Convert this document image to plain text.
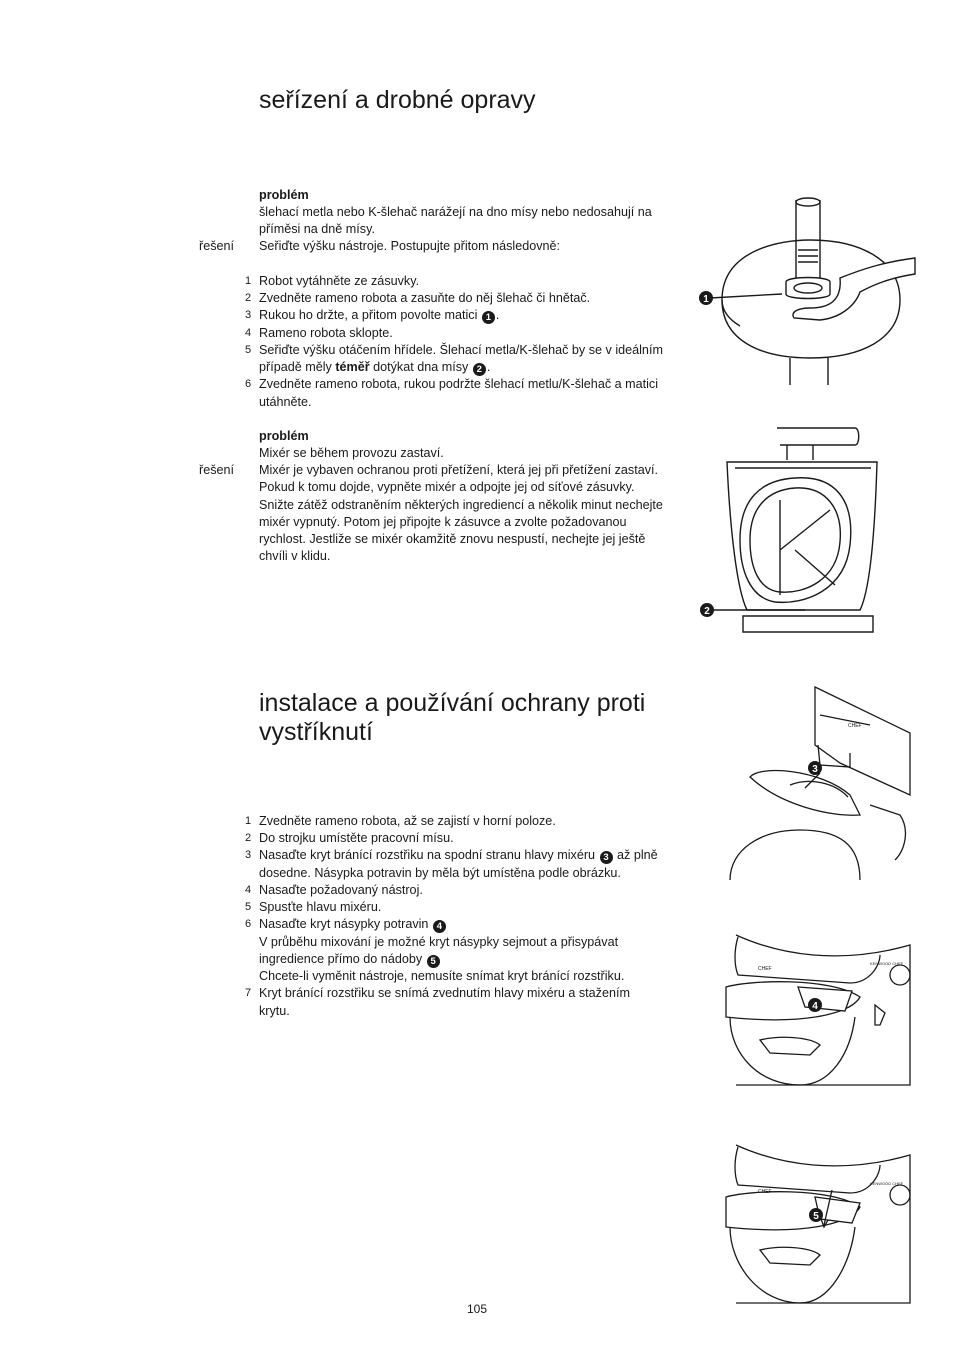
seřízení a drobné opravy
problém
šlehací metla nebo K-šlehač narážejí na dno mísy nebo nedosahují na
příměsi na dně mísy.
řešení Seřiďte výšku nástroje. Postupujte přitom následovně:
1 Robot vytáhněte ze zásuvky.
2 Zvedněte rameno robota a zasuňte do něj šlehač či hnětač.
3 Rukou ho držte, a přitom povolte matici 1 .
4 Rameno robota sklopte.
5 Seřiďte výšku otáčením hřídele. Šlehací metla/K-šlehač by se v ideálním
případě měly téměř dotýkat dna mísy 2 .
6 Zvedněte rameno robota, rukou podržte šlehací metlu/K-šlehač a matici
utáhněte.
problém
Mixér se během provozu zastaví.
řešení Mixér je vybaven ochranou proti přetížení, která jej při přetížení zastaví.
Pokud k tomu dojde, vypněte mixér a odpojte jej od síťové zásuvky.
Snižte zátěž odstraněním některých ingrediencí a několik minut nechejte
mixér vypnutý. Potom jej připojte k zásuvce a zvolte požadovanou
rychlost. Jestliže se mixér okamžitě znovu nespustí, nechejte jej ještě
chvíli v klidu.
instalace a používání ochrany proti
vystříknutí
1 Zvedněte rameno robota, až se zajistí v horní poloze.
2 Do strojku umístěte pracovní mísu.
3 Nasaďte kryt bránící rozstřiku na spodní stranu hlavy mixéru 3 až plně
dosedne. Násypka potravin by měla být umístěna podle obrázku.
4 Nasaďte požadovaný nástroj.
5 Spusťte hlavu mixéru.
6 Nasaďte kryt násypky potravin 4
V průběhu mixování je možné kryt násypky sejmout a přisypávat
ingredience přímo do nádoby 5
Chcete-li vyměnit nástroje, nemusíte snímat kryt bránící rozstřiku.
7 Kryt bránící rozstřiku se snímá zvednutím hlavy mixéru a stažením
krytu.
1
2
CHEF
3
CHEF
KENWOOD CHEF
4
CHEF
KENWOOD CHEF
5
105
